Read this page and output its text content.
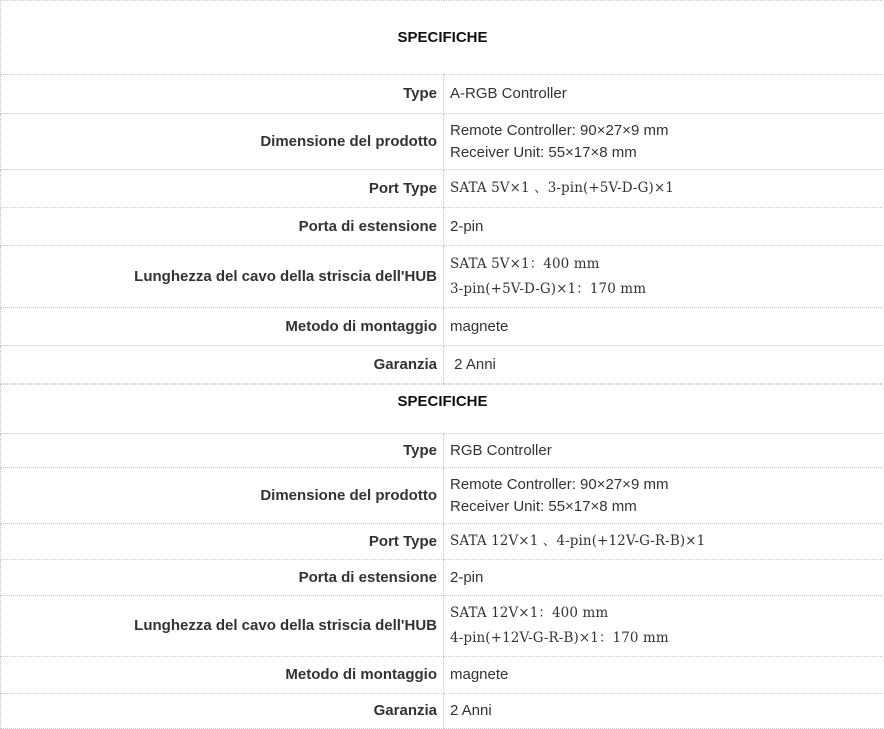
SPECIFICHE	
Type	A-RGB Controller

Dimensione del prodotto	Remote Controller: 90×27×9 mm
Receiver Unit: 55×17×8 mm

Port Type	SATA 5V×1 、3-pin(+5V-D-G)×1

Porta di estensione	2-pin

Lunghezza del cavo della striscia dell'HUB	SATA 5V×1：400 mm
3-pin(+5V-D-G)×1：170 mm

Metodo di montaggio	magnete

Garanzia	2 Anni
SPECIFICHE	
Type	RGB Controller

Dimensione del prodotto	Remote Controller: 90×27×9 mm
Receiver Unit: 55×17×8 mm

Port Type	SATA 12V×1 、4-pin(+12V-G-R-B)×1

Porta di estensione	2-pin

Lunghezza del cavo della striscia dell'HUB	SATA 12V×1：400 mm
4-pin(+12V-G-R-B)×1：170 mm

Metodo di montaggio	magnete

Garanzia	2 Anni
